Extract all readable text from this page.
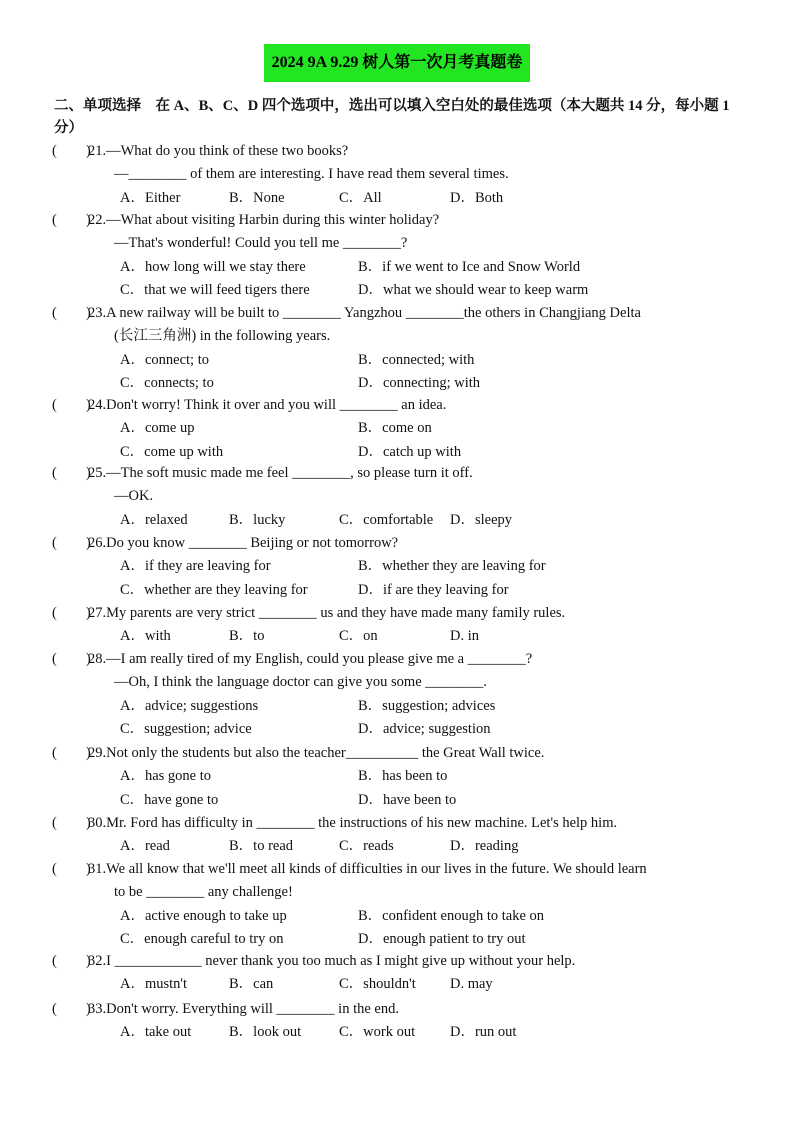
2024 9A 9.29 树人第一次月考真题卷
二、单项选择　在 A、B、C、D 四个选项中，选出可以填入空白处的最佳选项（本大题共 14 分，每小题 1 分）
(　　)
21.—What do you think of these two books?
—________ of them are interesting. I have read them several times.
A．Either	B．None	C．All	D．Both
(　　)
22.—What about visiting Harbin during this winter holiday?
—That's wonderful! Could you tell me ________?
A．how long will we stay there	B．if we went to Ice and Snow World
C．that we will feed tigers there	D．what we should wear to keep warm
(　　)
23.A new railway will be built to ________ Yangzhou ________the others in Changjiang Delta
(长江三角洲) in the following years.
A．connect; to	B．connected; with
C．connects; to	D．connecting; with
(　　)
24.Don't worry! Think it over and you will ________ an idea.
A．come up	B．come on
C．come up with	D．catch up with
(　　)
25.—The soft music made me feel ________, so please turn it off.
—OK.
A．relaxed	B．lucky	C．comfortable D．sleepy
(　　)
26.Do you know ________ Beijing or not tomorrow?
A．if they are leaving for	B．whether they are leaving for
C．whether are they leaving for	D．if are they leaving for
(　　)
27.My parents are very strict ________ us and they have made many family rules.
A．with	B．to	C．on	D. in
(　　)
28.—I am really tired of my English, could you please give me a ________?
—Oh, I think the language doctor can give you some ________.
A．advice; suggestions	B．suggestion; advices
C．suggestion; advice	D．advice; suggestion
(　　)
29.Not only the students but also the teacher__________ the Great Wall twice.
A．has gone to	B．has been to
C．have gone to	D．have been to
(　　)
30.Mr. Ford has difficulty in ________ the instructions of his new machine. Let's help him.
A．read	B．to read	C．reads	D．reading
(　　)
31.We all know that we'll meet all kinds of difficulties in our lives in the future. We should learn
to be ________ any challenge!
A．active enough to take up	B．confident enough to take on
C．enough careful to try on	D．enough patient to try out
(　　)
32.I ____________ never thank you too much as I might give up without your help.
A．mustn't	B．can	C．shouldn't D. may
(　　)
33.Don't worry. Everything will ________ in the end.
A．take out	B．look out	C．work out D．run out
